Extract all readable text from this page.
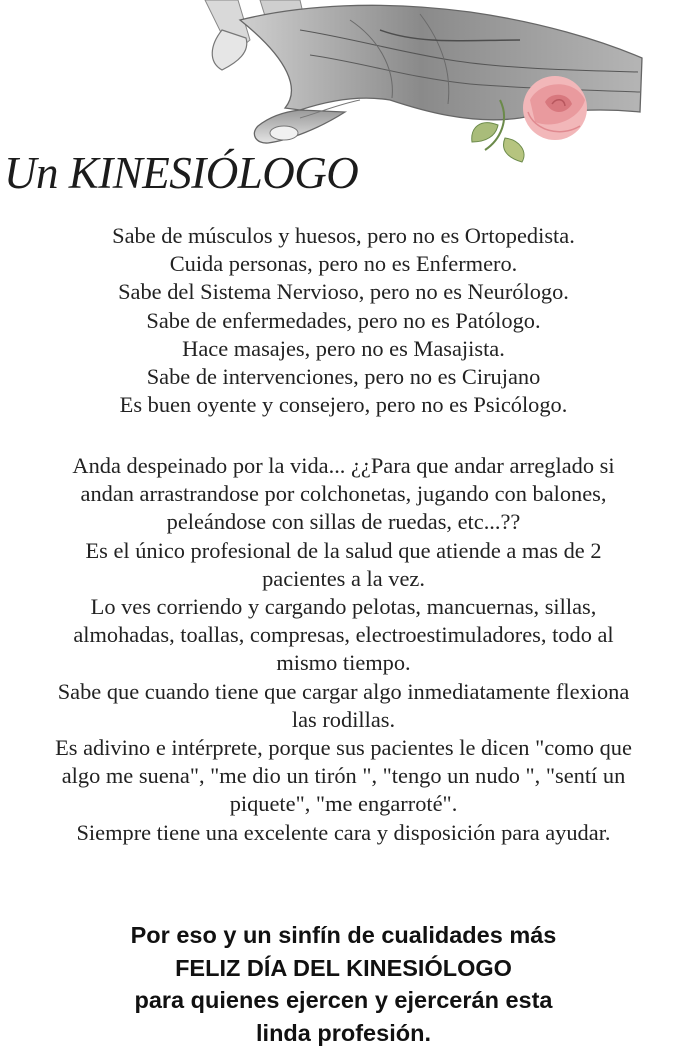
Un KINESIÓLOGO

Sabe de músculos y huesos, pero no es Ortopedista.

Cuida personas, pero no es Enfermero.

Sabe del Sistema Nervioso, pero no es Neurólogo.

Sabe de enfermedades, pero no es Patólogo.

Hace masajes, pero no es Masajista.

Sabe de intervenciones, pero no es Cirujano

Es buen oyente y consejero, pero no es Psicólogo.

Anda despeinado por la vida... ¿¿Para que andar arreglado si

andan arrastrandose por colchonetas, jugando con balones,

peleándose con sillas de ruedas, etc...??

Es el único profesional de la salud que atiende a mas de 2

pacientes a la vez.

Lo ves corriendo y cargando pelotas, mancuernas, sillas,

almohadas, toallas, compresas, electroestimuladores, todo al

mismo tiempo.

Sabe que cuando tiene que cargar algo inmediatamente flexiona

las rodillas.

Es adivino e intérprete, porque sus pacientes le dicen "como que

algo me suena", "me dio un tirón ", "tengo un nudo ", "sentí un

piquete", "me engarroté".

Siempre tiene una excelente cara y disposición para ayudar.

Por eso y un sinfín de cualidades más

FELIZ DÍA DEL KINESIÓLOGO

para quienes ejercen y ejercerán esta

linda profesión.
